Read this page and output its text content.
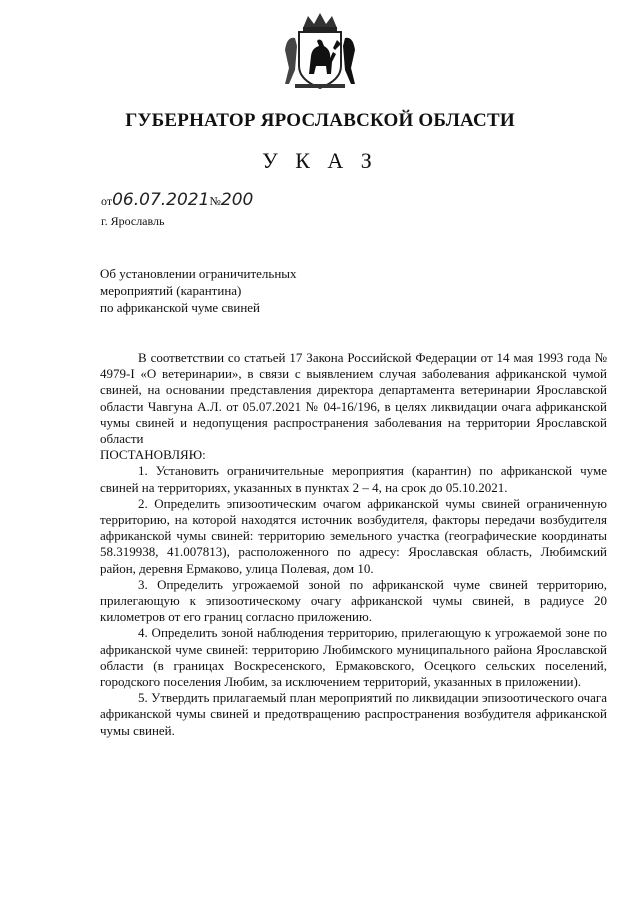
ГУБЕРНАТОР ЯРОСЛАВСКОЙ ОБЛАСТИ
У К А З
от06.07.2021№200
г. Ярославль
Об установлении ограничительных
мероприятий (карантина)
по африканской чуме свиней

В соответствии со статьей 17 Закона Российской Федерации от 14 мая 1993 года № 4979-I «О ветеринарии», в связи с выявлением случая заболевания африканской чумой свиней, на основании представления директора департамента ветеринарии Ярославской области Чавгуна А.Л. от 05.07.2021 № 04-16/196, в целях ликвидации очага африканской чумы свиней и недопущения распространения заболевания на территории Ярославской области

ПОСТАНОВЛЯЮ:

1. Установить ограничительные мероприятия (карантин) по африканской чуме свиней на территориях, указанных в пунктах 2 – 4, на срок до 05.10.2021.

2. Определить эпизоотическим очагом африканской чумы свиней ограниченную территорию, на которой находятся источник возбудителя, факторы передачи возбудителя африканской чумы свиней: территорию земельного участка (географические координаты 58.319938, 41.007813), расположенного по адресу: Ярославская область, Любимский район, деревня Ермаково, улица Полевая, дом 10.

3. Определить угрожаемой зоной по африканской чуме свиней территорию, прилегающую к эпизоотическому очагу африканской чумы свиней, в радиусе 20 километров от его границ согласно приложению.

4. Определить зоной наблюдения территорию, прилегающую к угрожаемой зоне по африканской чуме свиней: территорию Любимского муниципального района Ярославской области (в границах Воскресенского, Ермаковского, Осецкого сельских поселений, городского поселения Любим, за исключением территорий, указанных в приложении).

5. Утвердить прилагаемый план мероприятий по ликвидации эпизоотического очага африканской чумы свиней и предотвращению распространения возбудителя африканской чумы свиней.
